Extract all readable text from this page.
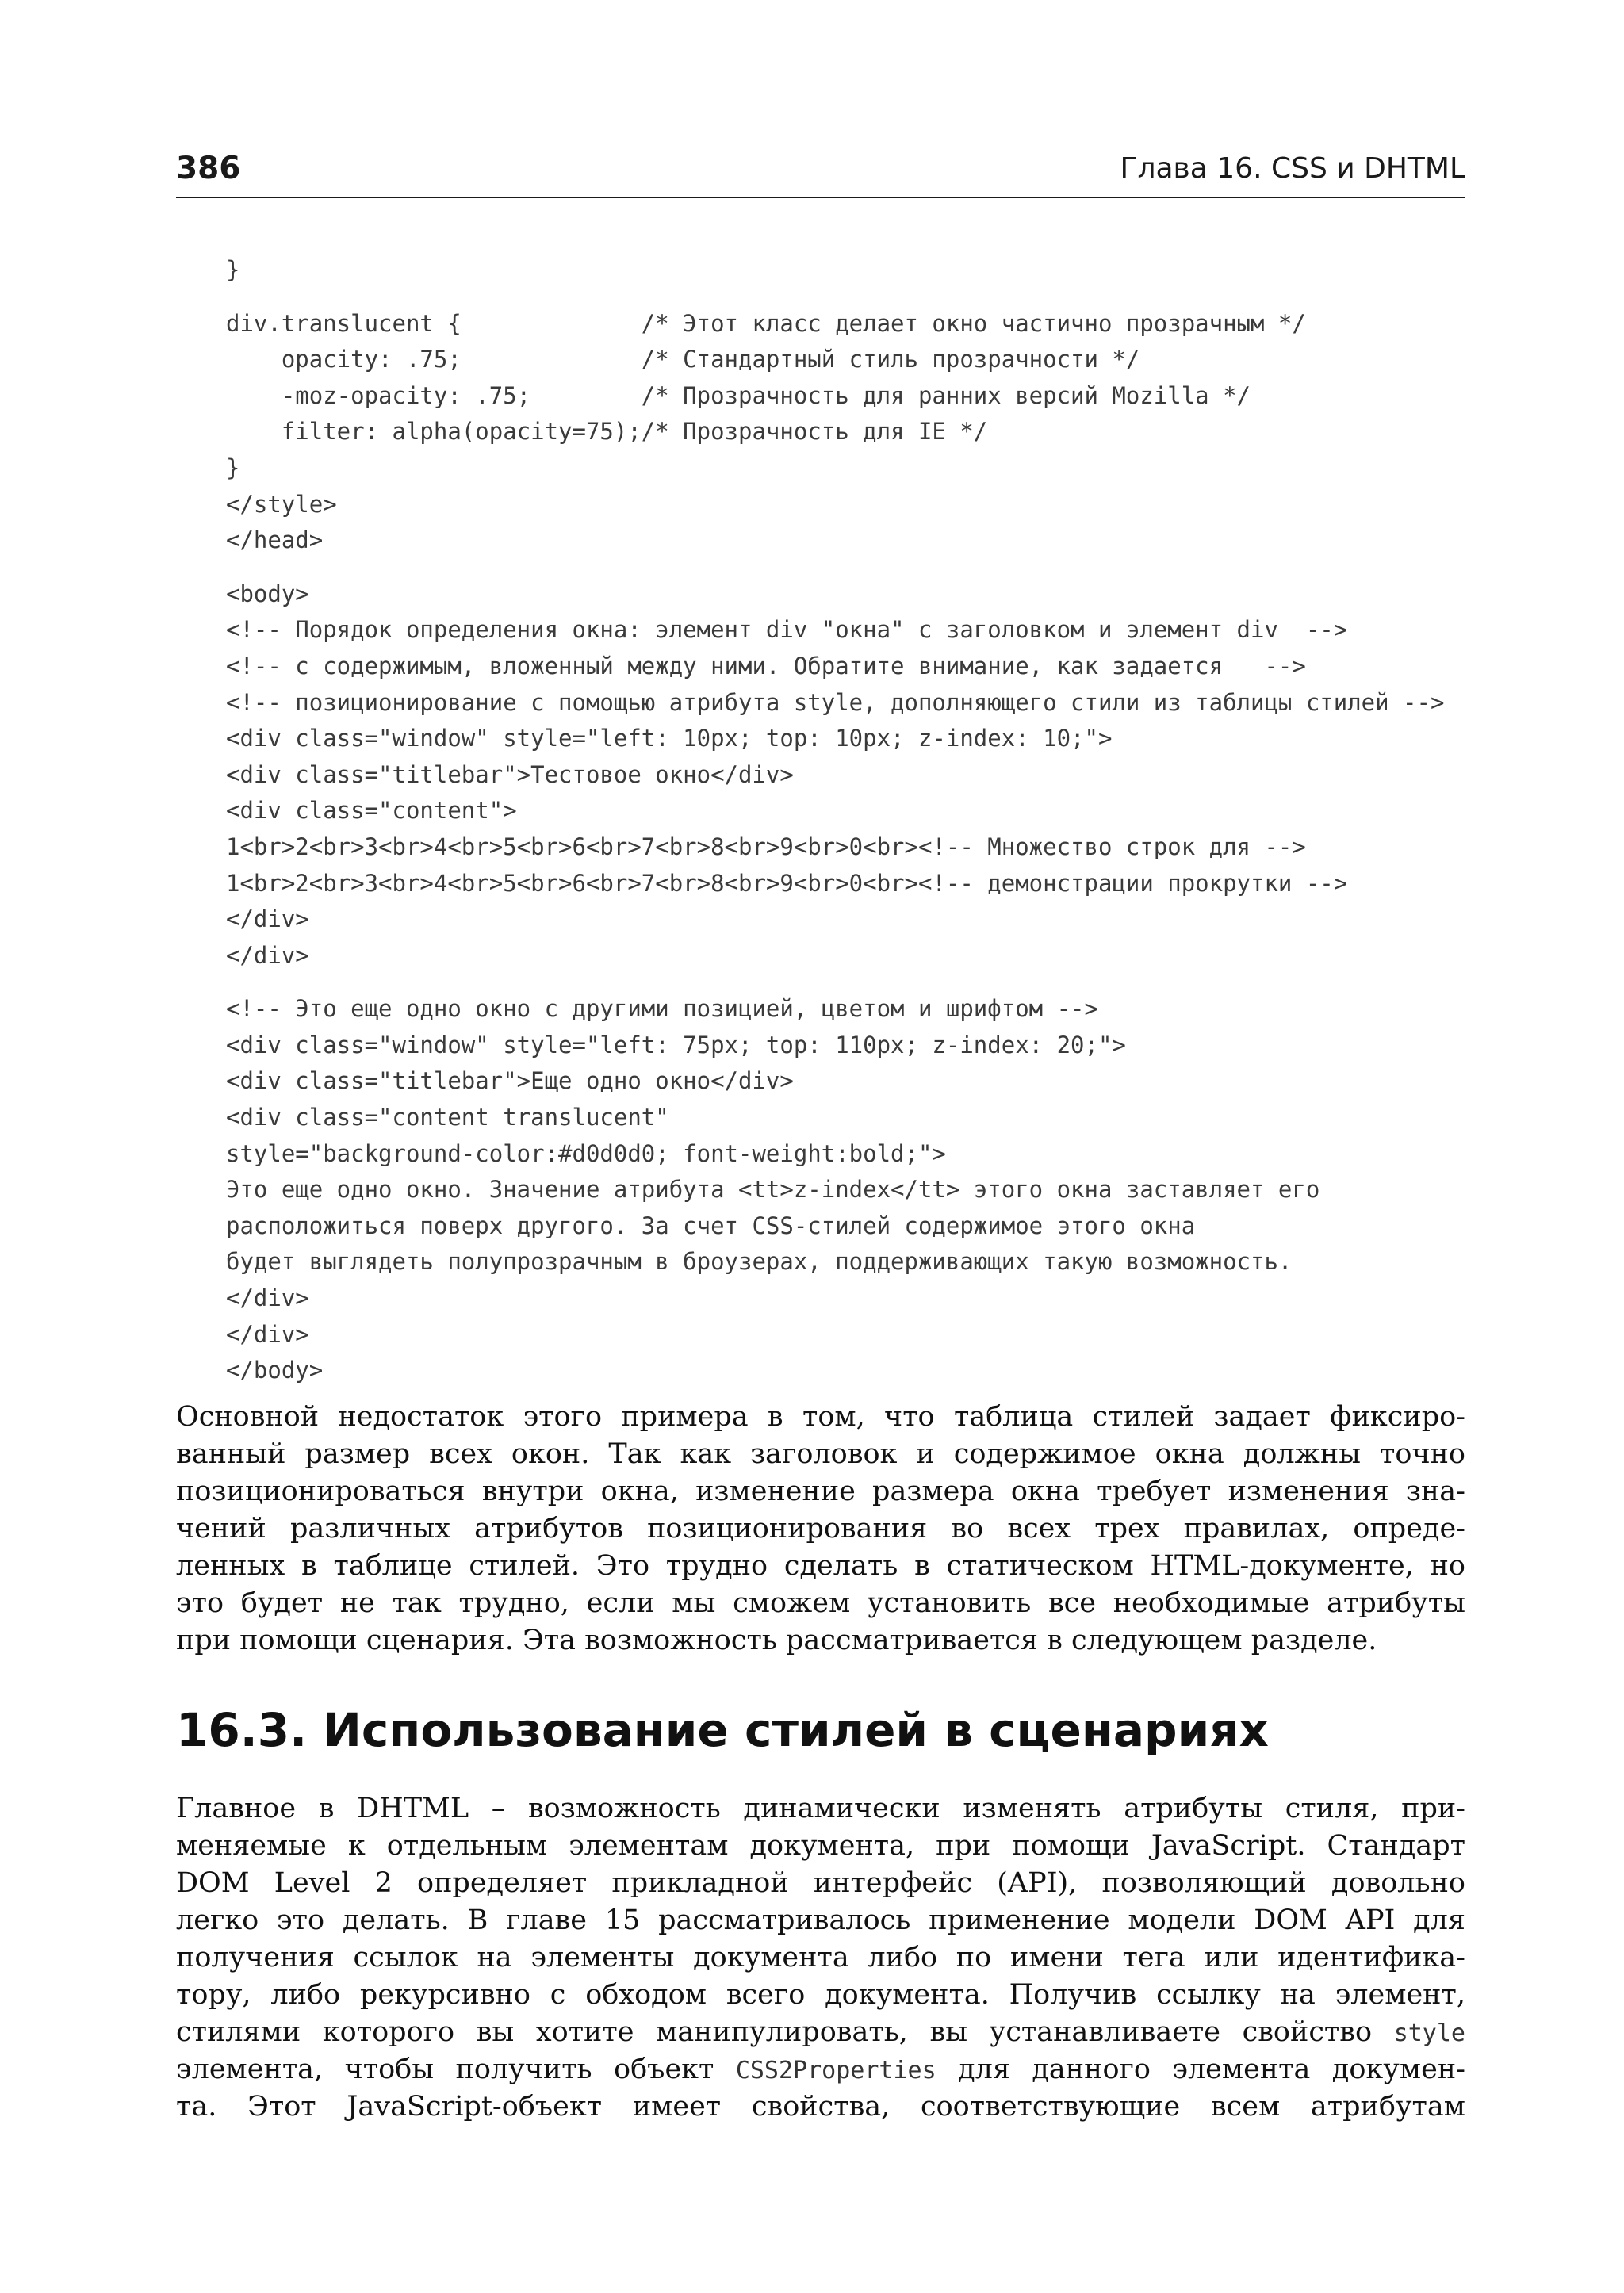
386	Глава 16. CSS и DHTML
}
div.translucent {             /* Этот класс делает окно частично прозрачным */
opacity: .75;             /* Стандартный стиль прозрачности */
-moz-opacity: .75;        /* Прозрачность для ранних версий Mozilla */
filter: alpha(opacity=75);/* Прозрачность для IE */
}
</style>
</head>
<body>
<!-- Порядок определения окна: элемент div "окна" с заголовком и элемент div  -->
<!-- с содержимым, вложенный между ними. Обратите внимание, как задается   -->
<!-- позиционирование с помощью атрибута style, дополняющего стили из таблицы стилей -->
<div class="window" style="left: 10px; top: 10px; z-index: 10;">
<div class="titlebar">Тестовое окно</div>
<div class="content">
1<br>2<br>3<br>4<br>5<br>6<br>7<br>8<br>9<br>0<br><!-- Множество строк для -->
1<br>2<br>3<br>4<br>5<br>6<br>7<br>8<br>9<br>0<br><!-- демонстрации прокрутки -->
</div>
</div>
<!-- Это еще одно окно с другими позицией, цветом и шрифтом -->
<div class="window" style="left: 75px; top: 110px; z-index: 20;">
<div class="titlebar">Еще одно окно</div>
<div class="content translucent"
style="background-color:#d0d0d0; font-weight:bold;">
Это еще одно окно. Значение атрибута <tt>z-index</tt> этого окна заставляет его
расположиться поверх другого. За счет CSS-стилей содержимое этого окна
будет выглядеть полупрозрачным в броузерах, поддерживающих такую возможность.
</div>
</div>
</body>
Основной недостаток этого примера в том, что таблица стилей задает фиксиро-
ванный размер всех окон. Так как заголовок и содержимое окна должны точно
позиционироваться внутри окна, изменение размера окна требует изменения зна-
чений различных атрибутов позиционирования во всех трех правилах, опреде-
ленных в таблице стилей. Это трудно сделать в статическом HTML-документе, но
это будет не так трудно, если мы сможем установить все необходимые атрибуты
при помощи сценария. Эта возможность рассматривается в следующем разделе.
16.3. Использование стилей в сценариях
Главное в DHTML – возможность динамически изменять атрибуты стиля, при-
меняемые к отдельным элементам документа, при помощи JavaScript. Стандарт
DOM Level 2 определяет прикладной интерфейс (API), позволяющий довольно
легко это делать. В главе 15 рассматривалось применение модели DOM API для
получения ссылок на элементы документа либо по имени тега или идентифика-
тору, либо рекурсивно с обходом всего документа. Получив ссылку на элемент,
стилями которого вы хотите манипулировать, вы устанавливаете свойство style
элемента, чтобы получить объект CSS2Properties для данного элемента докумен-
та. Этот JavaScript-объект имеет свойства, соответствующие всем атрибутам
